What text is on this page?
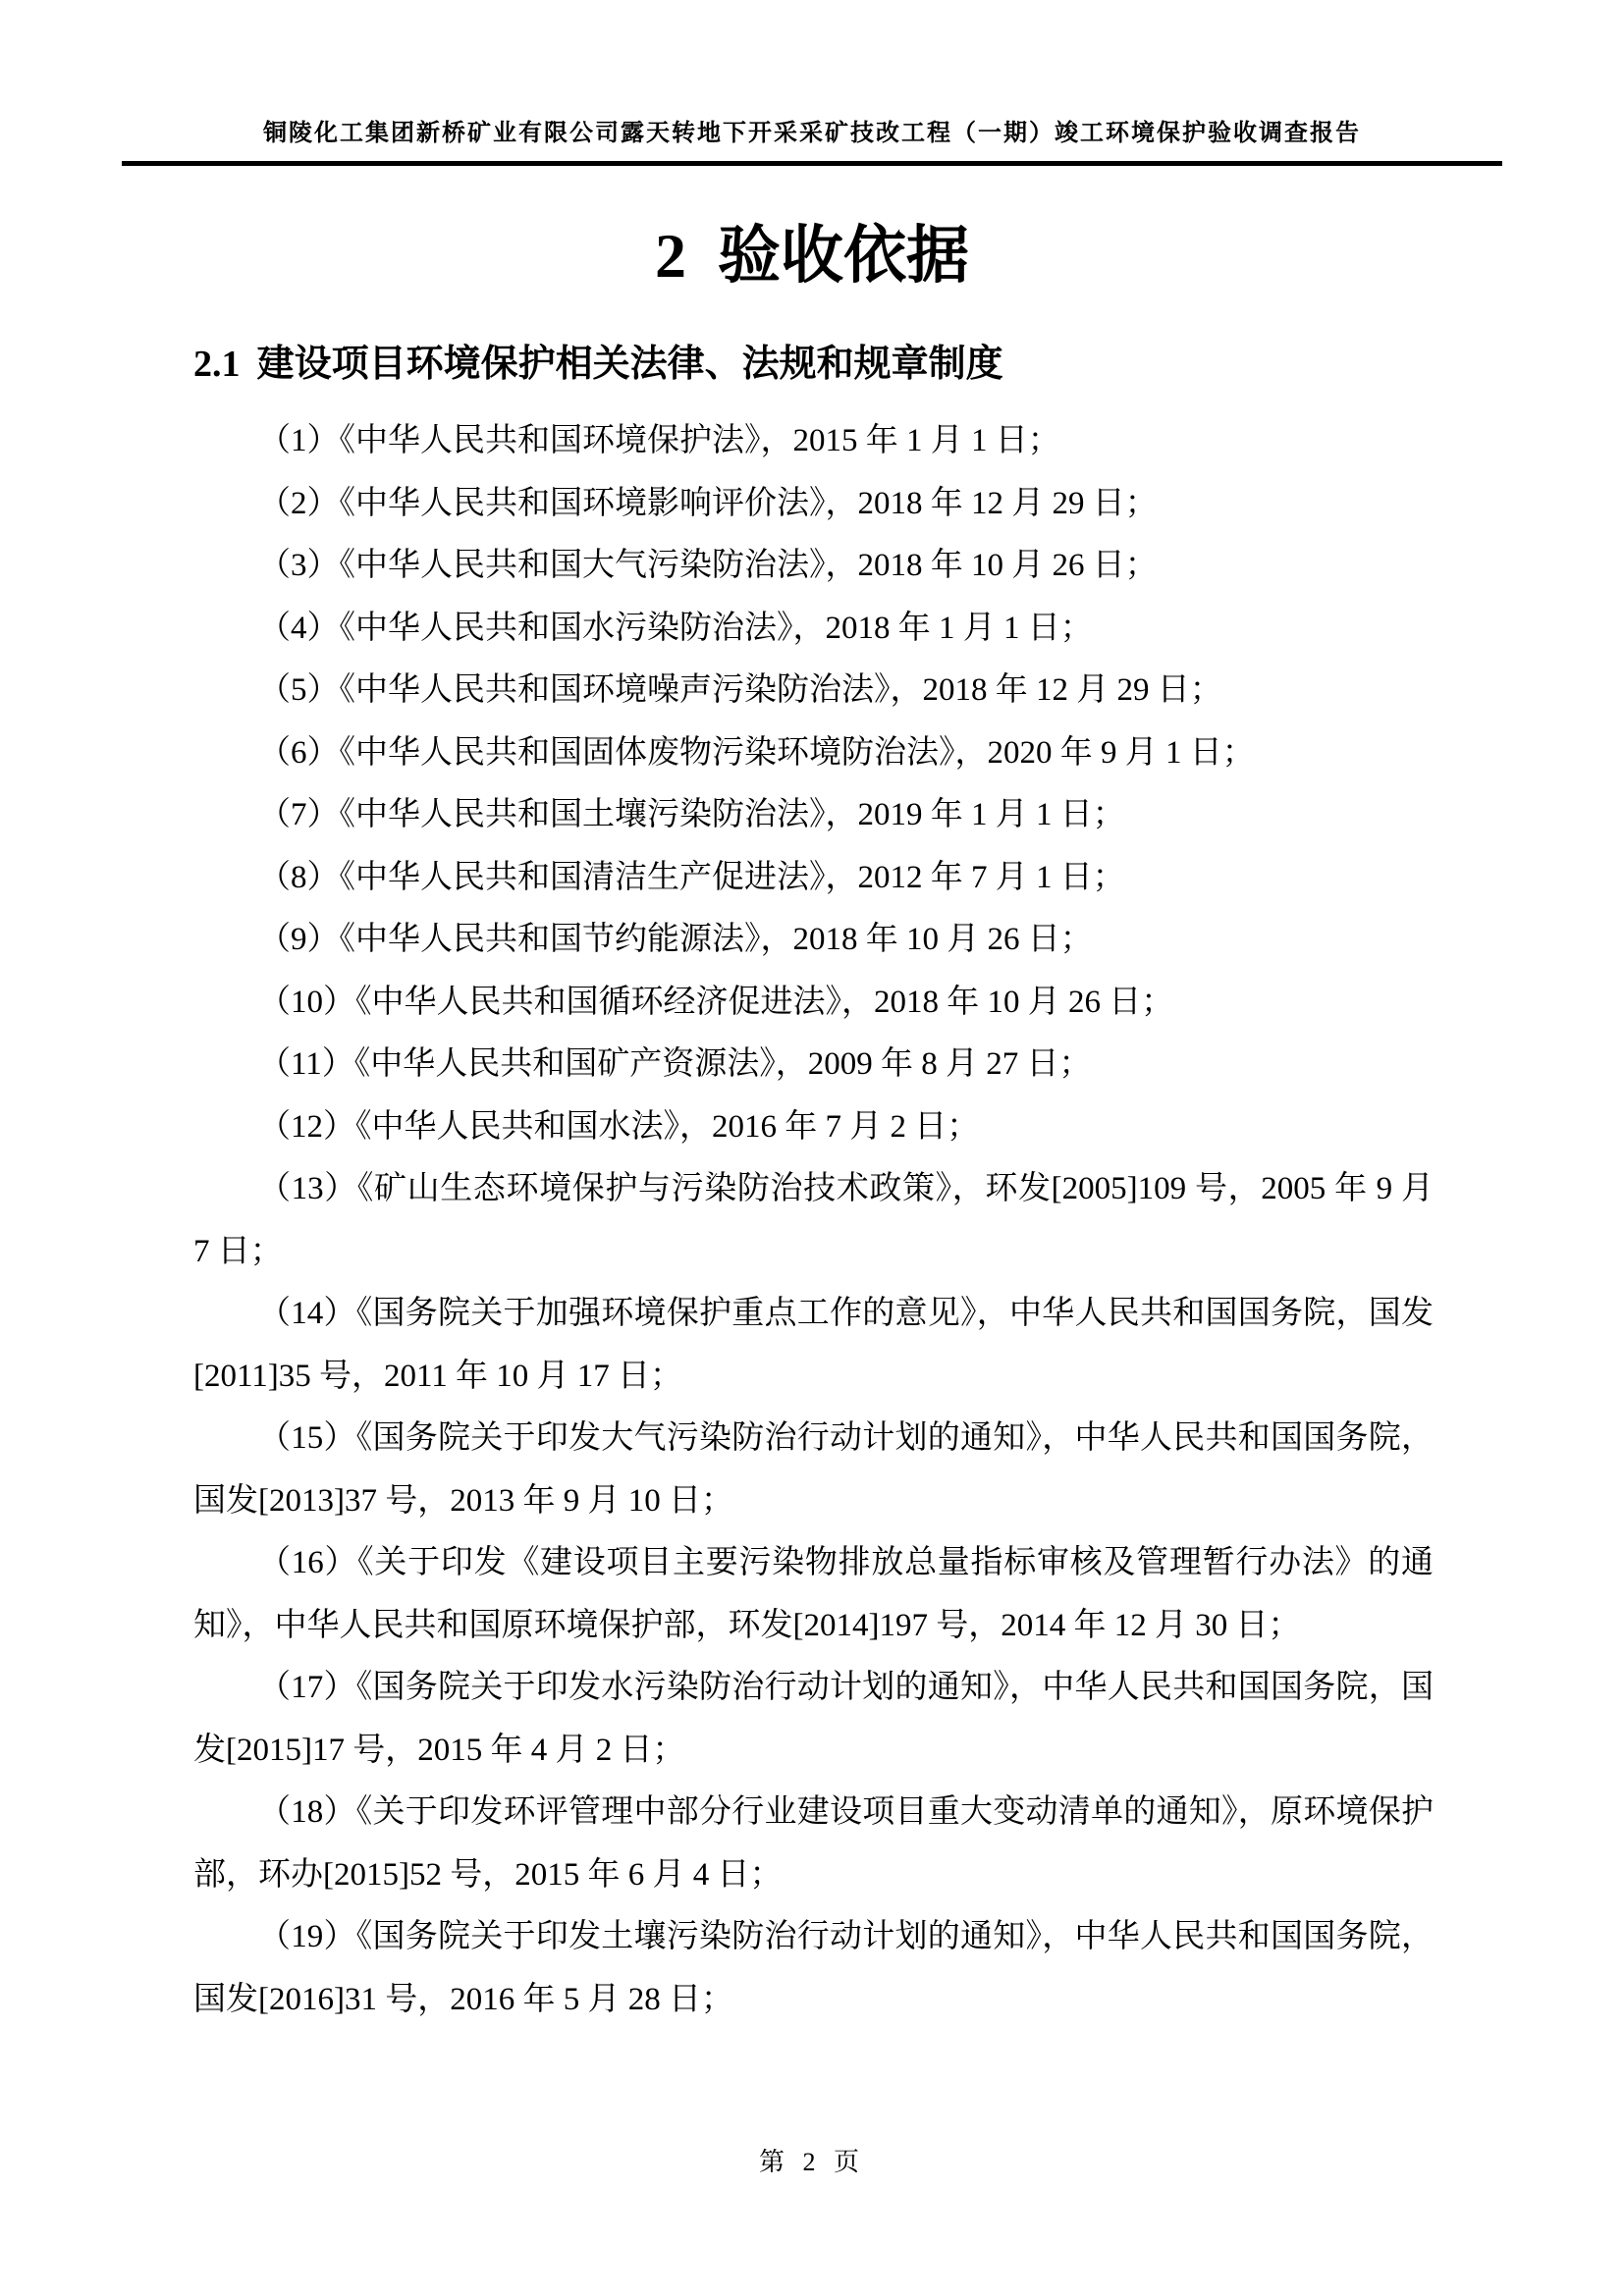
铜陵化工集团新桥矿业有限公司露天转地下开采采矿技改工程（一期）竣工环境保护验收调查报告
2 验收依据
2.1 建设项目环境保护相关法律、法规和规章制度

（1）《中华人民共和国环境保护法》，2015 年 1 月 1 日；

（2）《中华人民共和国环境影响评价法》，2018 年 12 月 29 日；

（3）《中华人民共和国大气污染防治法》，2018 年 10 月 26 日；

（4）《中华人民共和国水污染防治法》，2018 年 1 月 1 日；

（5）《中华人民共和国环境噪声污染防治法》，2018 年 12 月 29 日；

（6）《中华人民共和国固体废物污染环境防治法》，2020 年 9 月 1 日；

（7）《中华人民共和国土壤污染防治法》，2019 年 1 月 1 日；

（8）《中华人民共和国清洁生产促进法》，2012 年 7 月 1 日；

（9）《中华人民共和国节约能源法》，2018 年 10 月 26 日；

（10）《中华人民共和国循环经济促进法》，2018 年 10 月 26 日；

（11）《中华人民共和国矿产资源法》，2009 年 8 月 27 日；

（12）《中华人民共和国水法》，2016 年 7 月 2 日；

（13）《矿山生态环境保护与污染防治技术政策》，环发[2005]109 号，2005 年 9 月 7 日；

（14）《国务院关于加强环境保护重点工作的意见》，中华人民共和国国务院，国发[2011]35 号，2011 年 10 月 17 日；

（15）《国务院关于印发大气污染防治行动计划的通知》，中华人民共和国国务院，国发[2013]37 号，2013 年 9 月 10 日；

（16）《关于印发《建设项目主要污染物排放总量指标审核及管理暂行办法》的通知》，中华人民共和国原环境保护部，环发[2014]197 号，2014 年 12 月 30 日；

（17）《国务院关于印发水污染防治行动计划的通知》，中华人民共和国国务院，国发[2015]17 号，2015 年 4 月 2 日；

（18）《关于印发环评管理中部分行业建设项目重大变动清单的通知》，原环境保护部，环办[2015]52 号，2015 年 6 月 4 日；

（19）《国务院关于印发土壤污染防治行动计划的通知》，中华人民共和国国务院，国发[2016]31 号，2016 年 5 月 28 日；

第 2 页
